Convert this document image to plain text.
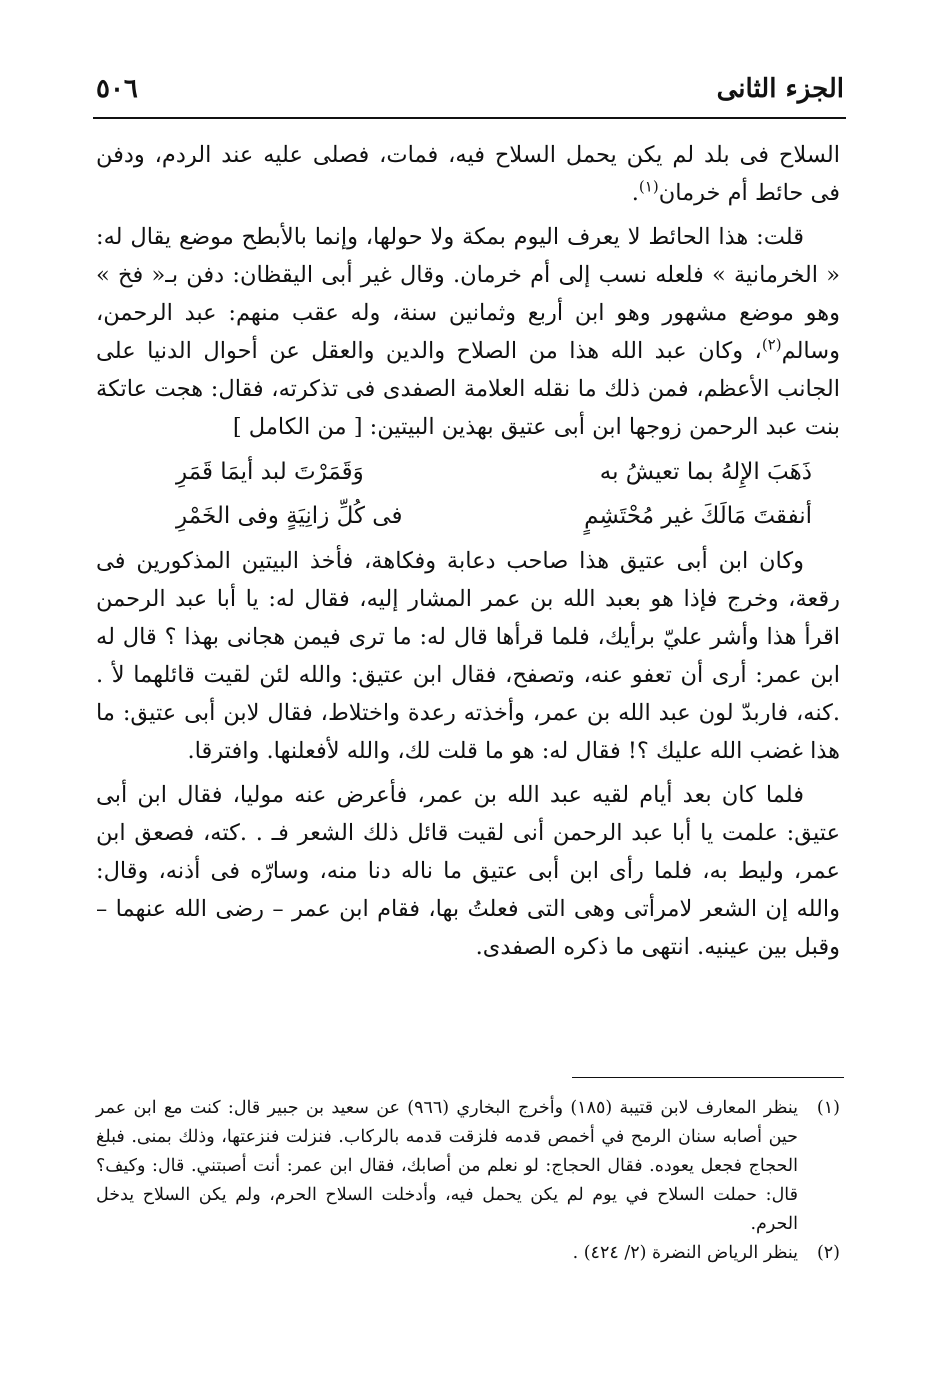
الجزء الثانى
٥٠٦

السلاح فى بلد لم يكن يحمل السلاح فيه، فمات، فصلى عليه عند الردم، ودفن فى حائط أم خرمان$^{(١)}$.

قلت: هذا الحائط لا يعرف اليوم بمكة ولا حولها، وإنما بالأبطح موضع يقال له: « الخرمانية » فلعله نسب إلى أم خرمان. وقال غير أبى اليقظان: دفن بـ« فخ » وهو موضع مشهور وهو ابن أربع وثمانين سنة، وله عقب منهم: عبد الرحمن، وسالم$^{(٢)}$، وكان عبد الله هذا من الصلاح والدين والعقل عن أحوال الدنيا على الجانب الأعظم، فمن ذلك ما نقله العلامة الصفدى فى تذكرته، فقال: هجت عاتكة بنت عبد الرحمن زوجها ابن أبى عتيق بهذين البيتين: [ من الكامل ]

ذَهَبَ الإِلهُ بما تعيشُ به
وَقَمَرْتَ لبد أيمَا قَمَرِ
أنفقتَ مَالَكَ غير مُحْتَشِمٍ
فى كُلِّ زانِيَةٍ وفى الخَمْرِ

وكان ابن أبى عتيق هذا صاحب دعابة وفكاهة، فأخذ البيتين المذكورين فى رقعة، وخرج فإذا هو بعبد الله بن عمر المشار إليه، فقال له: يا أبا عبد الرحمن اقرأ هذا وأشر عليّ برأيك، فلما قرأها قال له: ما ترى فيمن هجانى بهذا ؟ قال له ابن عمر: أرى أن تعفو عنه، وتصفح، فقال ابن عتيق: والله لئن لقيت قائلهما لأ . .كنه، فاربدّ لون عبد الله بن عمر، وأخذته رعدة واختلاط، فقال لابن أبى عتيق: ما هذا غضب الله عليك ؟! فقال له: هو ما قلت لك، والله لأفعلنها. وافترقا.

فلما كان بعد أيام لقيه عبد الله بن عمر، فأعرض عنه موليا، فقال ابن أبى عتيق: علمت يا أبا عبد الرحمن أنى لقيت قائل ذلك الشعر فـ . .كته، فصعق ابن عمر، وليط به، فلما رأى ابن أبى عتيق ما ناله دنا منه، وسارّه فى أذنه، وقال: والله إن الشعر لامرأتى وهى التى فعلتُ بها، فقام ابن عمر – رضى الله عنهما – وقبل بين عينيه. انتهى ما ذكره الصفدى.

(١)ينظر المعارف لابن قتيبة (١٨٥) وأخرج البخاري (٩٦٦) عن سعيد بن جبير قال: كنت مع ابن عمر حين أصابه سنان الرمح في أخمص قدمه فلزقت قدمه بالركاب. فنزلت فنزعتها، وذلك بمنى. فبلغ الحجاج فجعل يعوده. فقال الحجاج: لو نعلم من أصابك، فقال ابن عمر: أنت أصبتني. قال: وكيف؟ قال: حملت السلاح في يوم لم يكن يحمل فيه، وأدخلت السلاح الحرم، ولم يكن السلاح يدخل الحرم.

(٢)ينظر الرياض النضرة (٢/ ٤٢٤) .
